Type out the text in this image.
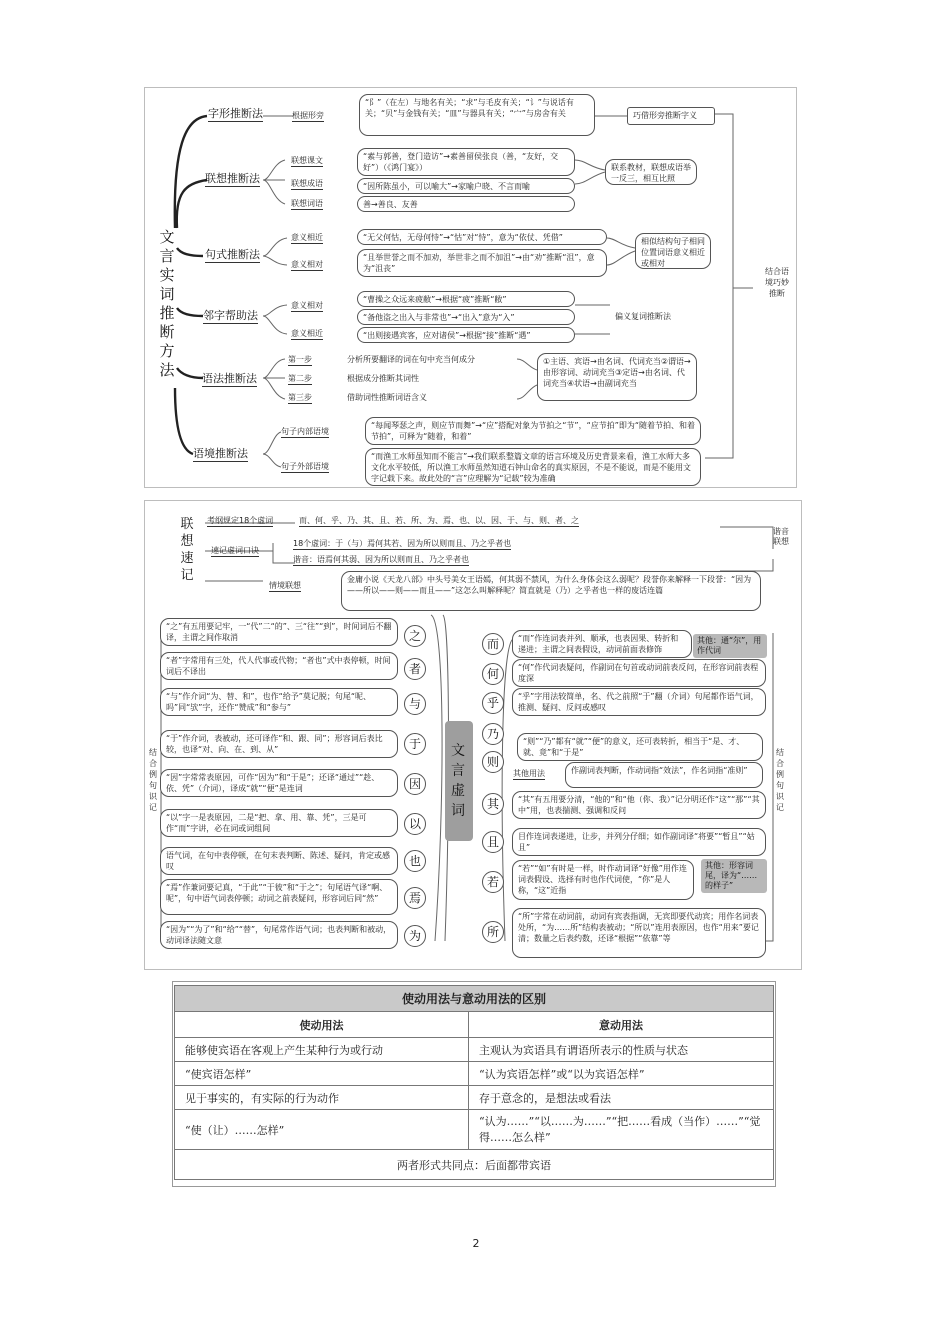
文言实词推断方法
字形推断法	根据形旁
“阝”（在左）与地名有关；“求”与毛皮有关；“讠”与说话有关；“贝”与金钱有关；“皿”与器具有关；“宀”与房舍有关	巧借形旁推断字义
联想推断法
联想课文
联想成语
联想词语
“素与郭善，登门造访”→素善留侯张良（善，“友好，交好”）（《鸿门宴》）
“因所陈虽小，可以喻大”→家喻户晓、不言而喻
善→善良、友善
联系教材，联想成语举一反三，相互比照
句式推断法
意义相近
意义相对
“无父何怙，无母何恃”→“怙”对“恃”，意为“依仗、凭借”
“且举世誉之而不加劝，举世非之而不加沮”→由“劝”推断“沮”，意为“沮丧”
相似结构句子相同位置词语意义相近或相对
邻字帮助法
意义相对
意义相近
“曹操之众远来疲敝”→根据“疲”推断“敝”
“备他盗之出入与非常也”→“出入”意为“入”
“出则接遇宾客，应对诸侯”→根据“接”推断“遇”
偏义复词推断法
语法推断法
第一步
第二步
第三步
分析所要翻译的词在句中充当何成分
根据成分推断其词性
借助词性推断词语含义
①主语、宾语→由名词、代词充当②谓语→由形容词、动词充当③定语→由名词、代词充当④状语→由副词充当
语境推断法
句子内部语境
句子外部语境
“每闻琴瑟之声，则应节而舞”→“应”搭配对象为节拍之“节”，“应节拍”即为“随着节拍、和着节拍”，可释为“随着，和着”
“而渔工水师虽知而不能言”→我们联系整篇文章的语言环境及历史背景来看，渔工水师大多文化水平较低，所以渔工水师虽然知道石钟山命名的真实原因，不是不能说，而是不能用文字记载下来。故此处的“言”应理解为“记载”较为准确
结合语境巧妙推断
联想速记
考纲规定18个虚词	而、何、乎、乃、其、且、若、所、为、焉、也、以、因、于、与、则、者、之
速记虚词口诀
18个虚词：于（与）焉何其若、因为所以则而且、乃之乎者也
谐音：语焉何其弱、因为所以则而且、乃之乎者也
谐音联想
情境联想
金庸小说《天龙八部》中头号美女王语嫣，何其弱不禁风，为什么身体会这么弱呢？段誉你来解释一下段誉：“因为——所以——则——而且——”这怎么叫解释呢？简直就是（乃）之乎者也一样的废话连篇
文言虚词
结合例句识记
结合例句识记
“之”有五用要记牢，一“代”二“的”、三“往”“到”，时间词后不翻译，主谓之间作取消	之
“者”字常用有三处，代人代事或代物；“者也”式中表停顿，时间词后不译出	者
“与”作介词“为、替、和”，也作“给予”莫记脱；句尾“呢、吗”同“欤”字，还作“赞成”和“参与”	与
“于”作介词，表被动，还可译作“和、跟、同”；形容词后表比较，也译“对、向、在、到、从”	于
“因”字常常表原因，可作“因为”和“于是”；还译“通过”“趁、依、凭”（介词），译成“就”“便”是连词	因
“以”字一是表原因，二是“把、拿、用、靠、凭”，三是可作“而”字讲，必在词或词组间	以
语气词，在句中表停顿，在句末表判断、陈述、疑问，肯定或感叹	也
“焉”作兼词要记真，“于此”“于彼”和“于之”；句尾语气译“啊、呢”，句中语气词表停顿；动词之前表疑问，形容词后同“然”	焉
“因为”“为了”和“给”“替”，句尾常作语气词；也表判断和被动，动词译法随文意	为
而	“而”作连词表并列、顺承，也表因果、转折和递进；主谓之间表假设，动词前面表修饰
其他：通“尔”，用作代词
何	“何”作代词表疑问，作副词在句首或动词前表反问，在形容词前表程度深
乎	“乎”字用法较简单，名、代之前照“于”翻（介词）句尾都作语气词，推测、疑问、反问或感叹
乃
“则”“乃”都有“就”“便”的意义，还可表转折，相当于“是、才、就、竟”和“于是”
则
其他用法	作副词表判断，作动词指“效法”，作名词指“准则”
其	“其”有五用要分清，“他的”和“他（你、我）”记分明还作“这”“那”“其中”用，也表揣测、强调和反问
且	目作连词表递进，让步，并列分仔细；如作副词译“将要”“暂且”“姑且”
若
“若”“如”有时是一样，时作动词译“好像”用作连词表假设、选择有时也作代词使，“你”是人称，“这”近指
其他：形容词尾，译为“……的样子”
所
“所”字常在动词前，动词有宾表指调，无宾即要代动宾；用作名词表处所，“为……所”结构表被动；“所以”连用表原因，也作“用来”要记清；数量之后表约数，还译“根据”“依靠”等
使动用法与意动用法的区别	
使动用法	意动用法
能够使宾语在客观上产生某种行为或行动	主观认为宾语具有谓语所表示的性质与状态
“使宾语怎样”	“认为宾语怎样”或“以为宾语怎样”
见于事实的，有实际的行为动作	存于意念的，是想法或看法
“使（让）……怎样”	“认为……”“以……为……”“把……看成（当作）……”“觉得……怎么样”
两者形式共同点：后面都带宾语	
2
